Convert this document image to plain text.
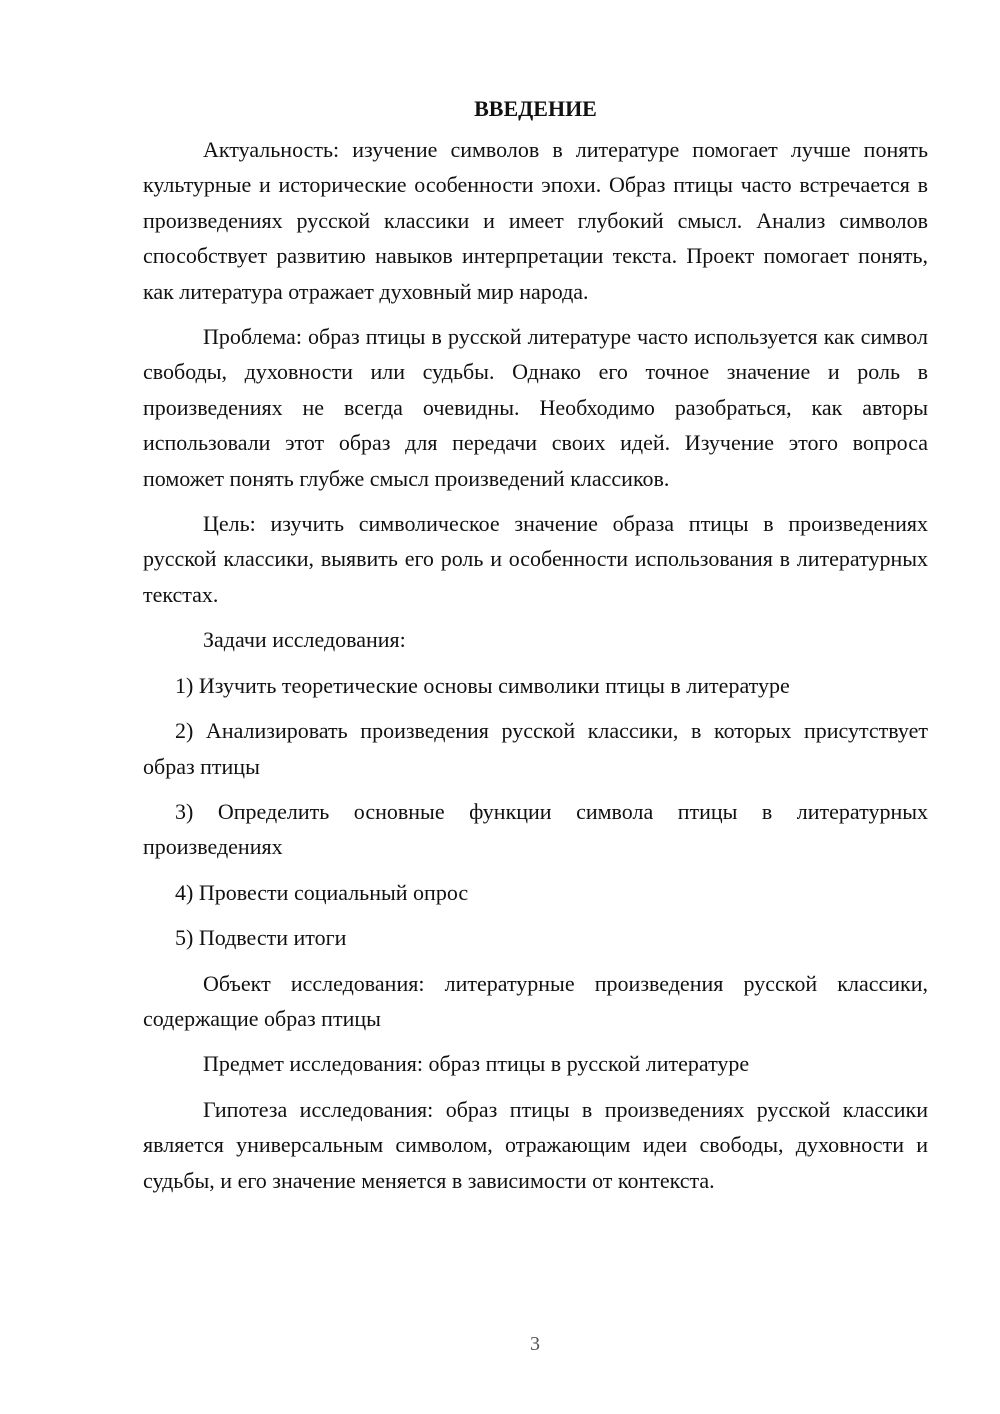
ВВЕДЕНИЕ

Актуальность: изучение символов в литературе помогает лучше понять культурные и исторические особенности эпохи. Образ птицы часто встречается в произведениях русской классики и имеет глубокий смысл. Анализ символов способствует развитию навыков интерпретации текста. Проект помогает понять, как литература отражает духовный мир народа.

Проблема: образ птицы в русской литературе часто используется как символ свободы, духовности или судьбы. Однако его точное значение и роль в произведениях не всегда очевидны. Необходимо разобраться, как авторы использовали этот образ для передачи своих идей. Изучение этого вопроса поможет понять глубже смысл произведений классиков.

Цель: изучить символическое значение образа птицы в произведениях русской классики, выявить его роль и особенности использования в литературных текстах.

Задачи исследования:

1) Изучить теоретические основы символики птицы в литературе

2) Анализировать произведения русской классики, в которых присутствует образ птицы

3) Определить основные функции символа птицы в литературных произведениях

4) Провести социальный опрос

5) Подвести итоги

Объект исследования: литературные произведения русской классики, содержащие образ птицы

Предмет исследования: образ птицы в русской литературе

Гипотеза исследования: образ птицы в произведениях русской классики является универсальным символом, отражающим идеи свободы, духовности и судьбы, и его значение меняется в зависимости от контекста.

3
